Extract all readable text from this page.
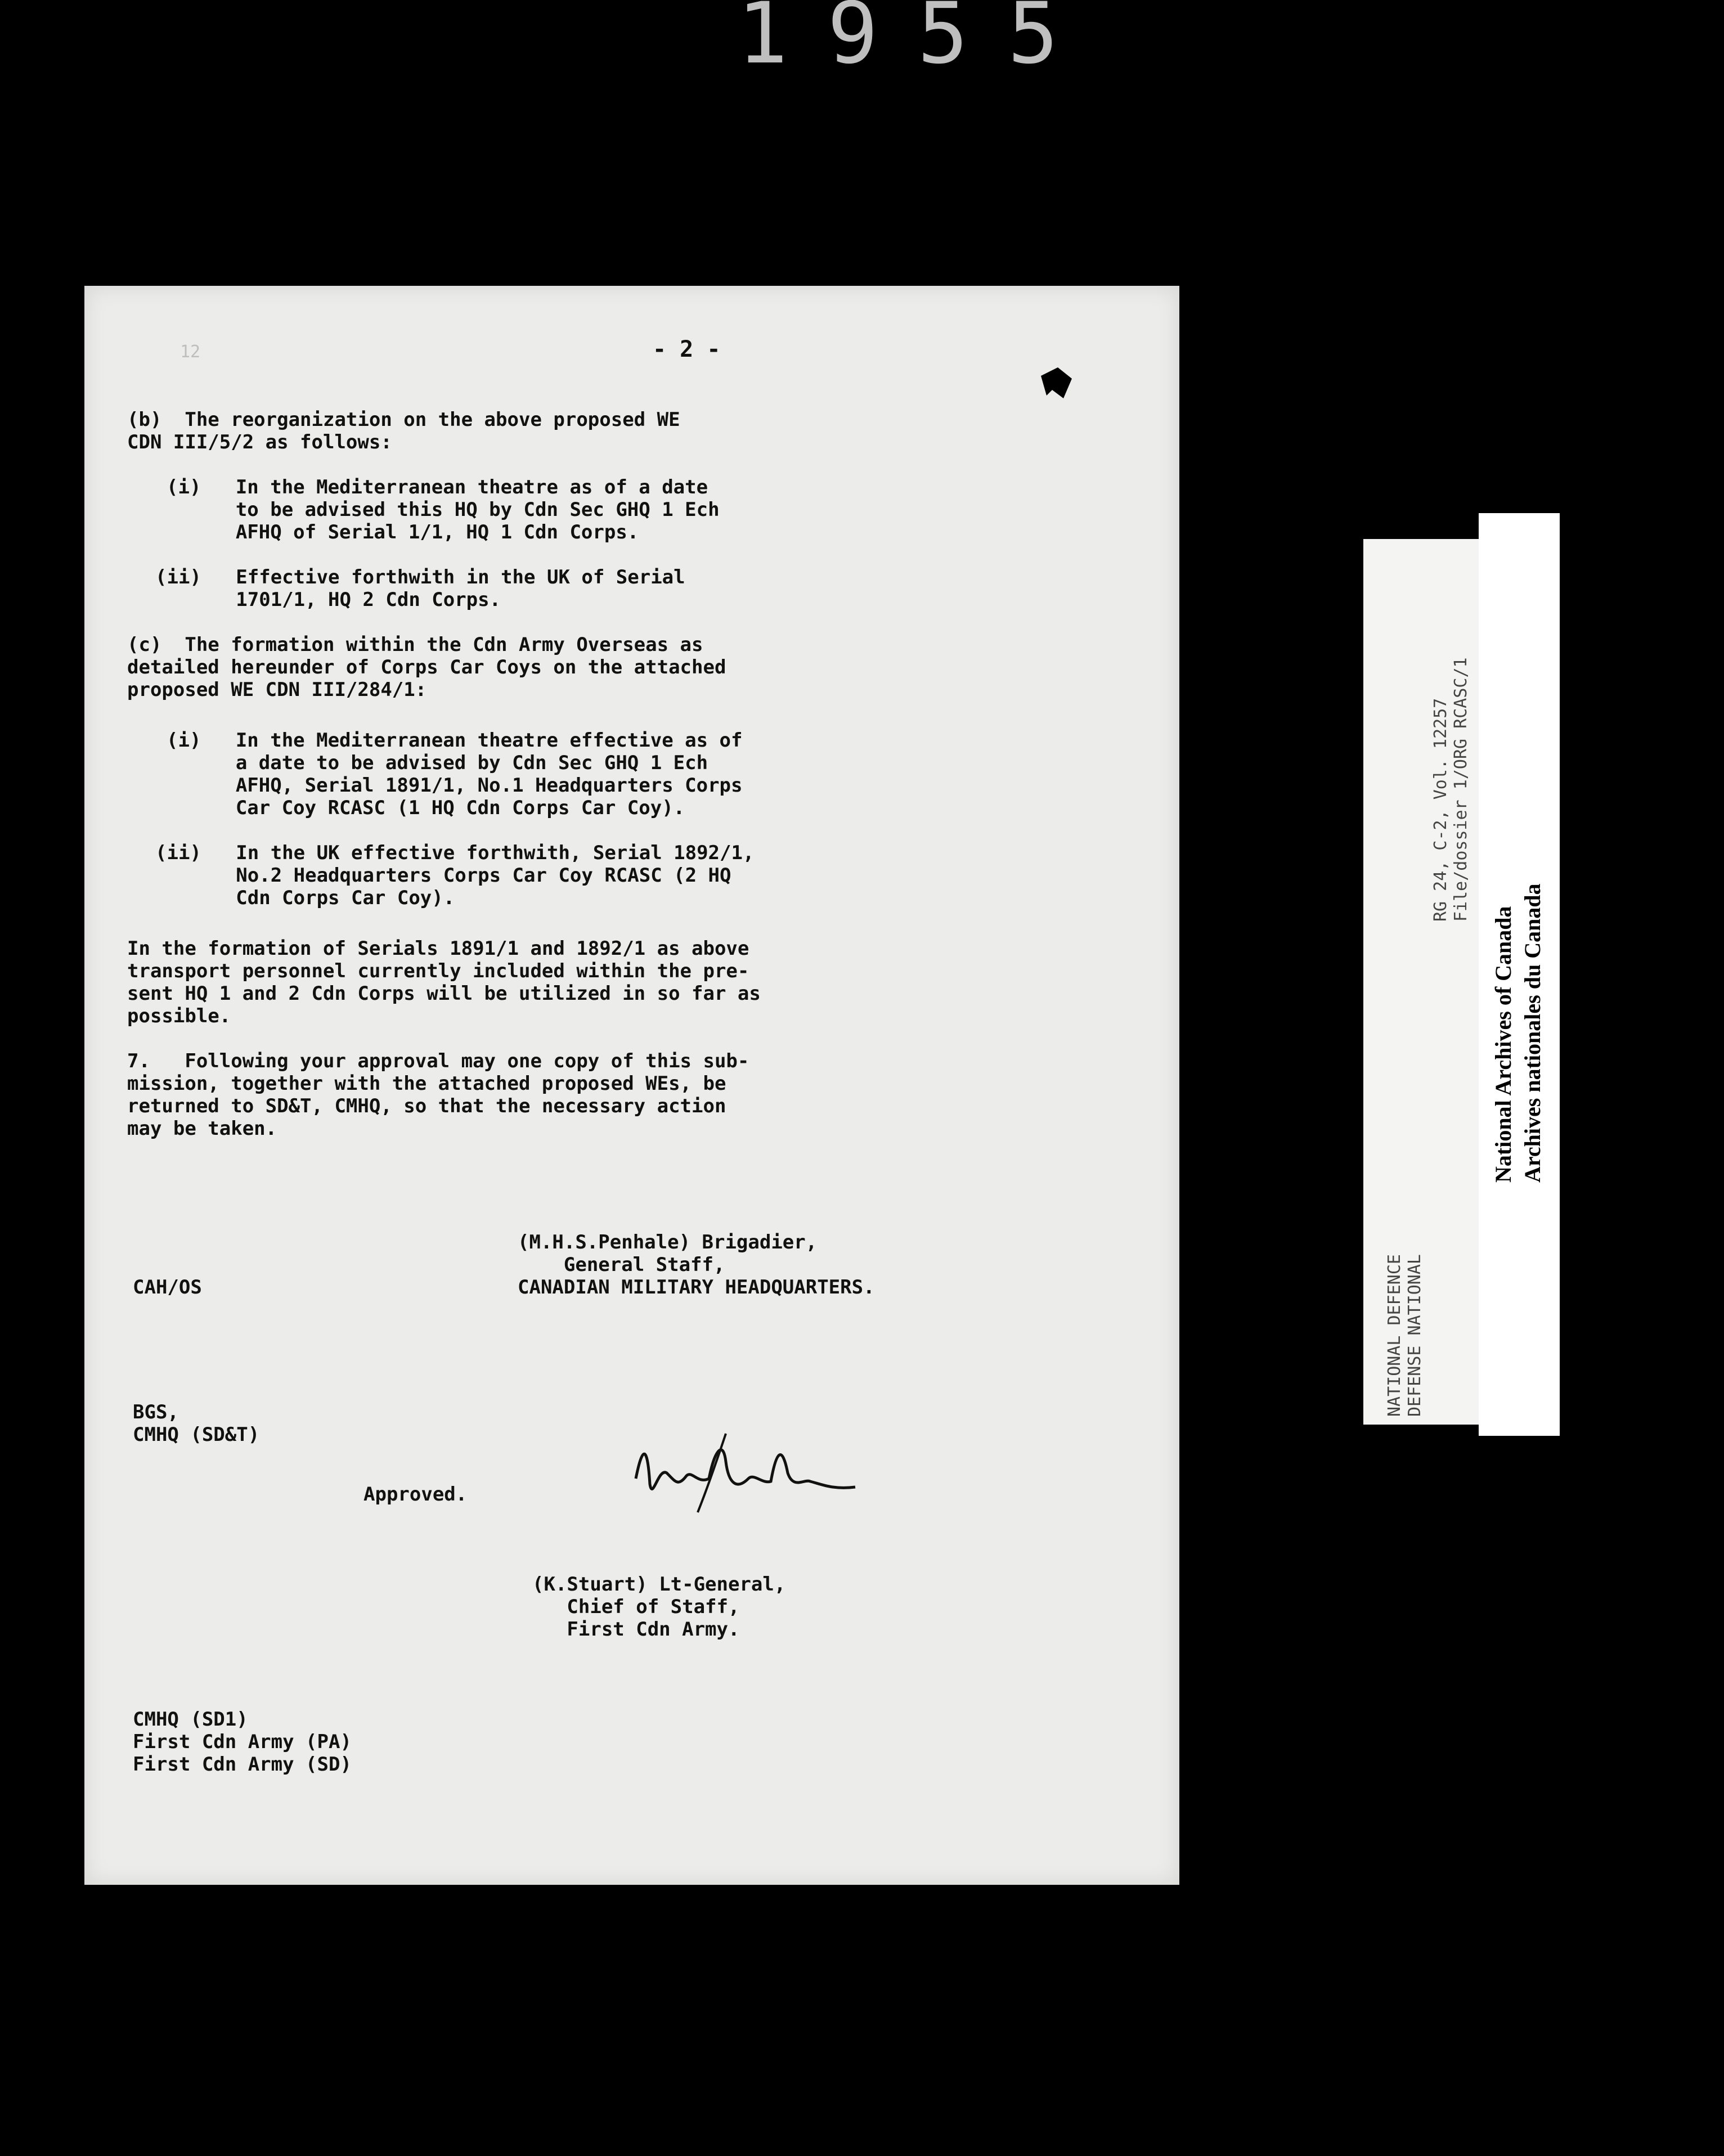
1955
12	- 2 -
(b)  The reorganization on the above proposed WE
CDN III/5/2 as follows:
(i)   In the Mediterranean theatre as of a date
to be advised this HQ by Cdn Sec GHQ 1 Ech
AFHQ of Serial 1/1, HQ 1 Cdn Corps.
(ii)   Effective forthwith in the UK of Serial
1701/1, HQ 2 Cdn Corps.
(c)  The formation within the Cdn Army Overseas as
detailed hereunder of Corps Car Coys on the attached
proposed WE CDN III/284/1:
(i)   In the Mediterranean theatre effective as of
a date to be advised by Cdn Sec GHQ 1 Ech
AFHQ, Serial 1891/1, No.1 Headquarters Corps
Car Coy RCASC (1 HQ Cdn Corps Car Coy).
(ii)   In the UK effective forthwith, Serial 1892/1,
No.2 Headquarters Corps Car Coy RCASC (2 HQ
Cdn Corps Car Coy).
In the formation of Serials 1891/1 and 1892/1 as above
transport personnel currently included within the pre-
sent HQ 1 and 2 Cdn Corps will be utilized in so far as
possible.
7.   Following your approval may one copy of this sub-
mission, together with the attached proposed WEs, be
returned to SD&T, CMHQ, so that the necessary action
may be taken.
(M.H.S.Penhale) Brigadier,
General Staff,
CANADIAN MILITARY HEADQUARTERS.
CAH/OS
BGS,
CMHQ (SD&T)
Approved.
(K.Stuart) Lt-General,
Chief of Staff,
First Cdn Army.
CMHQ (SD1)
First Cdn Army (PA)
First Cdn Army (SD)
NATIONAL DEFENCE DEFENSE NATIONAL
RG 24, C-2, Vol. 12257 File/dossier 1/ORG RCASC/1
National Archives of Canada Archives nationales du Canada
